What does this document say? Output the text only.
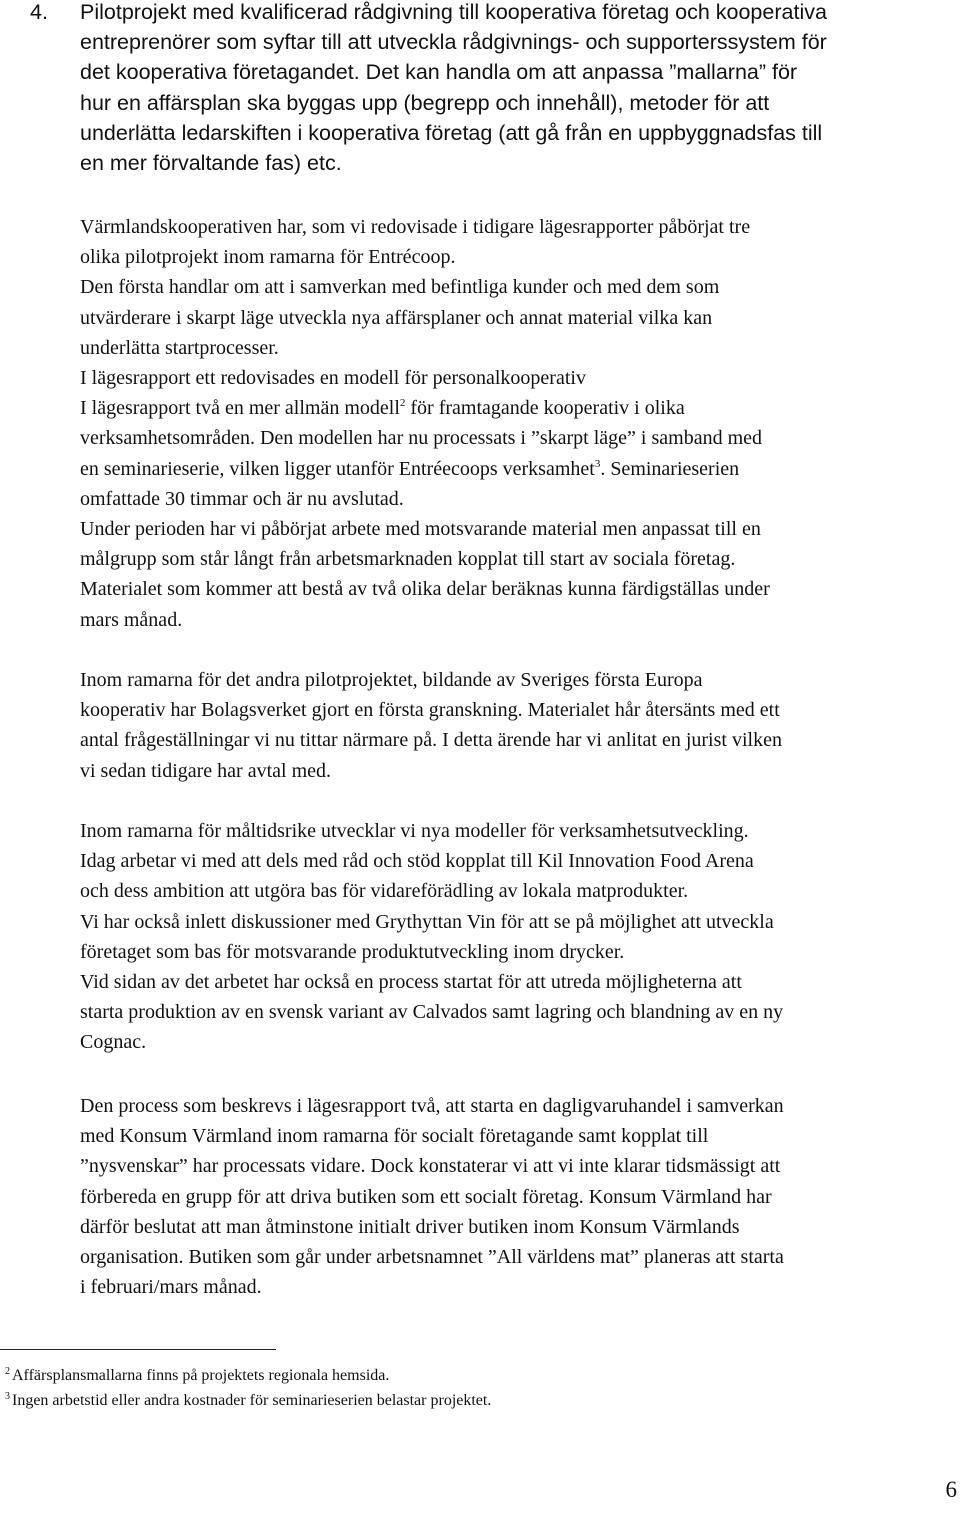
4. Pilotprojekt med kvalificerad rådgivning till kooperativa företag och kooperativa
entreprenörer som syftar till att utveckla rådgivnings- och supporterssystem för
det kooperativa företagandet. Det kan handla om att anpassa ”mallarna” för
hur en affärsplan ska byggas upp (begrepp och innehåll), metoder för att
underlätta ledarskiften i kooperativa företag (att gå från en uppbyggnadsfas till
en mer förvaltande fas) etc.

Värmlandskooperativen har, som vi redovisade i tidigare lägesrapporter påbörjat tre
olika pilotprojekt inom ramarna för Entrécoop.

Den första handlar om att i samverkan med befintliga kunder och med dem som
utvärderare i skarpt läge utveckla nya affärsplaner och annat material vilka kan
underlätta startprocesser.

I lägesrapport ett redovisades en modell för personalkooperativ

I lägesrapport två en mer allmän modell$^2$ för framtagande kooperativ i olika
verksamhetsområden. Den modellen har nu processats i ”skarpt läge” i samband med
en seminarieserie, vilken ligger utanför Entréecoops verksamhet$^3$. Seminarieserien
omfattade 30 timmar och är nu avslutad.

Under perioden har vi påbörjat arbete med motsvarande material men anpassat till en
målgrupp som står långt från arbetsmarknaden kopplat till start av sociala företag.
Materialet som kommer att bestå av två olika delar beräknas kunna färdigställas under
mars månad.

Inom ramarna för det andra pilotprojektet, bildande av Sveriges första Europa
kooperativ har Bolagsverket gjort en första granskning. Materialet hår återsänts med ett
antal frågeställningar vi nu tittar närmare på. I detta ärende har vi anlitat en jurist vilken
vi sedan tidigare har avtal med.

Inom ramarna för måltidsrike utvecklar vi nya modeller för verksamhetsutveckling.
Idag arbetar vi med att dels med råd och stöd kopplat till Kil Innovation Food Arena
och dess ambition att utgöra bas för vidareförädling av lokala matprodukter.

Vi har också inlett diskussioner med Grythyttan Vin för att se på möjlighet att utveckla
företaget som bas för motsvarande produktutveckling inom drycker.

Vid sidan av det arbetet har också en process startat för att utreda möjligheterna att
starta produktion av en svensk variant av Calvados samt lagring och blandning av en ny
Cognac.

Den process som beskrevs i lägesrapport två, att starta en dagligvaruhandel i samverkan
med Konsum Värmland inom ramarna för socialt företagande samt kopplat till
”nysvenskar” har processats vidare. Dock konstaterar vi att vi inte klarar tidsmässigt att
förbereda en grupp för att driva butiken som ett socialt företag. Konsum Värmland har
därför beslutat att man åtminstone initialt driver butiken inom Konsum Värmlands
organisation. Butiken som går under arbetsnamnet ”All världens mat” planeras att starta
i februari/mars månad.

$^2$ Affärsplansmallarna finns på projektets regionala hemsida.

$^3$ Ingen arbetstid eller andra kostnader för seminarieserien belastar projektet.

6
